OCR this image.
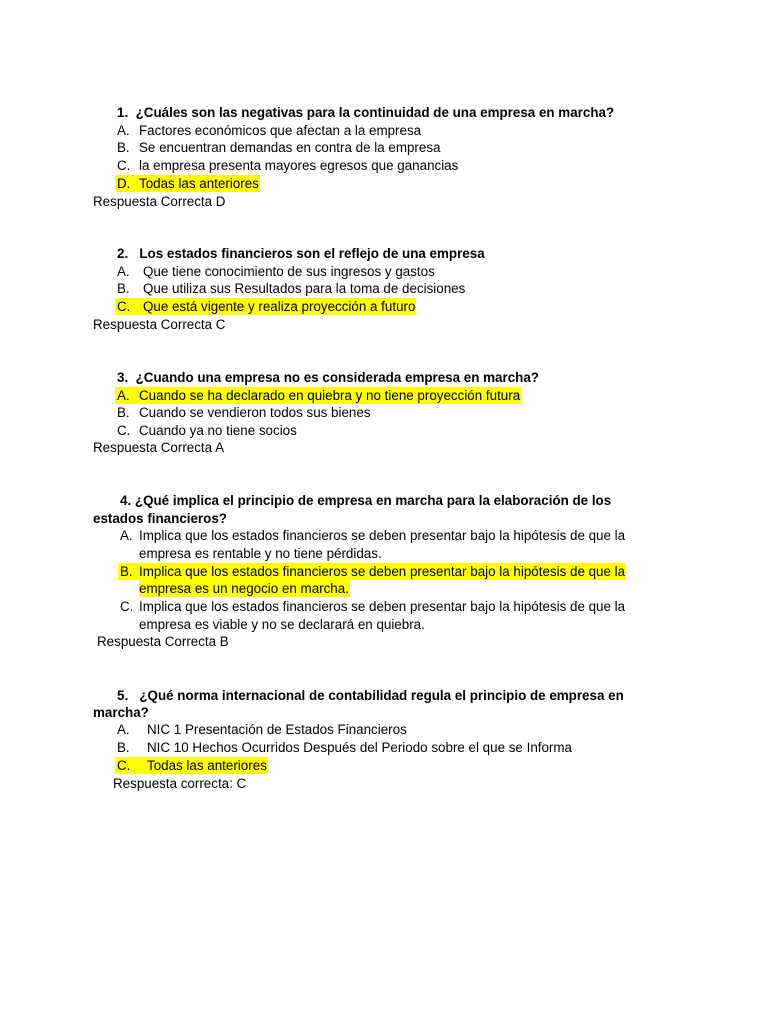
1. ¿Cuáles son las negativas para la continuidad de una empresa en marcha?
A. Factores económicos que afectan a la empresa
B. Se encuentran demandas en contra de la empresa
C. la empresa presenta mayores egresos que ganancias
D. Todas las anteriores
Respuesta Correcta D
2. Los estados financieros son el reflejo de una empresa
A. Que tiene conocimiento de sus ingresos y gastos
B. Que utiliza sus Resultados para la toma de decisiones
C. Que está vigente y realiza proyección a futuro
Respuesta Correcta C
3. ¿Cuando una empresa no es considerada empresa en marcha?
A. Cuando se ha declarado en quiebra y no tiene proyección futura
B. Cuando se vendieron todos sus bienes
C. Cuando ya no tiene socios
Respuesta Correcta A
4. ¿Qué implica el principio de empresa en marcha para la elaboración de los
estados financieros?
A. Implica que los estados financieros se deben presentar bajo la hipótesis de que la
empresa es rentable y no tiene pérdidas.
B. Implica que los estados financieros se deben presentar bajo la hipótesis de que la
empresa es un negocio en marcha.
C. Implica que los estados financieros se deben presentar bajo la hipótesis de que la
empresa es viable y no se declarará en quiebra.
Respuesta Correcta B
5. ¿Qué norma internacional de contabilidad regula el principio de empresa en
marcha?
A. NIC 1 Presentación de Estados Financieros
B. NIC 10 Hechos Ocurridos Después del Periodo sobre el que se Informa
C. Todas las anteriores
Respuesta correcta: C
